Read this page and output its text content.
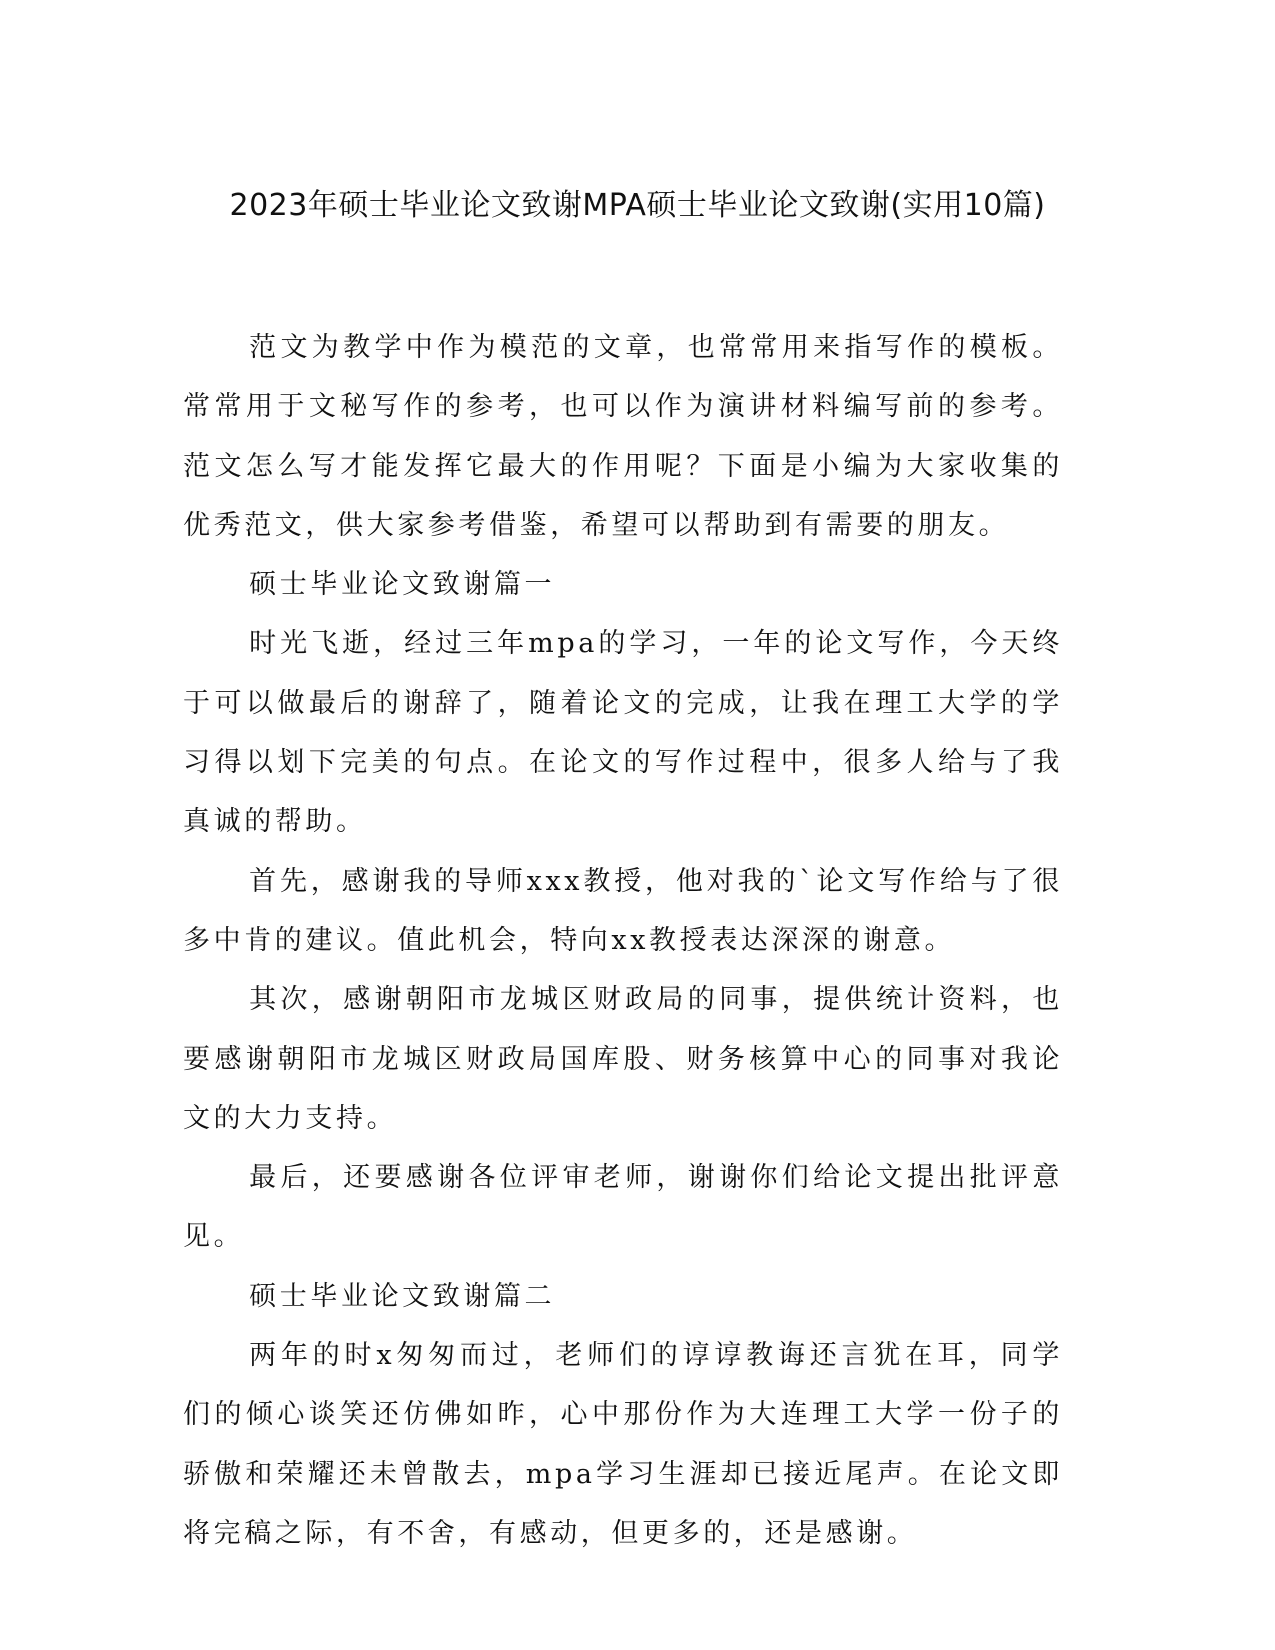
2023年硕士毕业论文致谢MPA硕士毕业论文致谢(实用10篇)

范文为教学中作为模范的文章，也常常用来指写作的模板。常常用于文秘写作的参考，也可以作为演讲材料编写前的参考。范文怎么写才能发挥它最大的作用呢？下面是小编为大家收集的优秀范文，供大家参考借鉴，希望可以帮助到有需要的朋友。

硕士毕业论文致谢篇一

时光飞逝，经过三年mpa的学习，一年的论文写作，今天终于可以做最后的谢辞了，随着论文的完成，让我在理工大学的学习得以划下完美的句点。在论文的写作过程中，很多人给与了我真诚的帮助。

首先，感谢我的导师xxx教授，他对我的`论文写作给与了很多中肯的建议。值此机会，特向xx教授表达深深的谢意。

其次，感谢朝阳市龙城区财政局的同事，提供统计资料，也要感谢朝阳市龙城区财政局国库股、财务核算中心的同事对我论文的大力支持。

最后，还要感谢各位评审老师，谢谢你们给论文提出批评意见。

硕士毕业论文致谢篇二

两年的时x匆匆而过，老师们的谆谆教诲还言犹在耳，同学们的倾心谈笑还仿佛如昨，心中那份作为大连理工大学一份子的骄傲和荣耀还未曾散去，mpa学习生涯却已接近尾声。在论文即将完稿之际，有不舍，有感动，但更多的，还是感谢。
